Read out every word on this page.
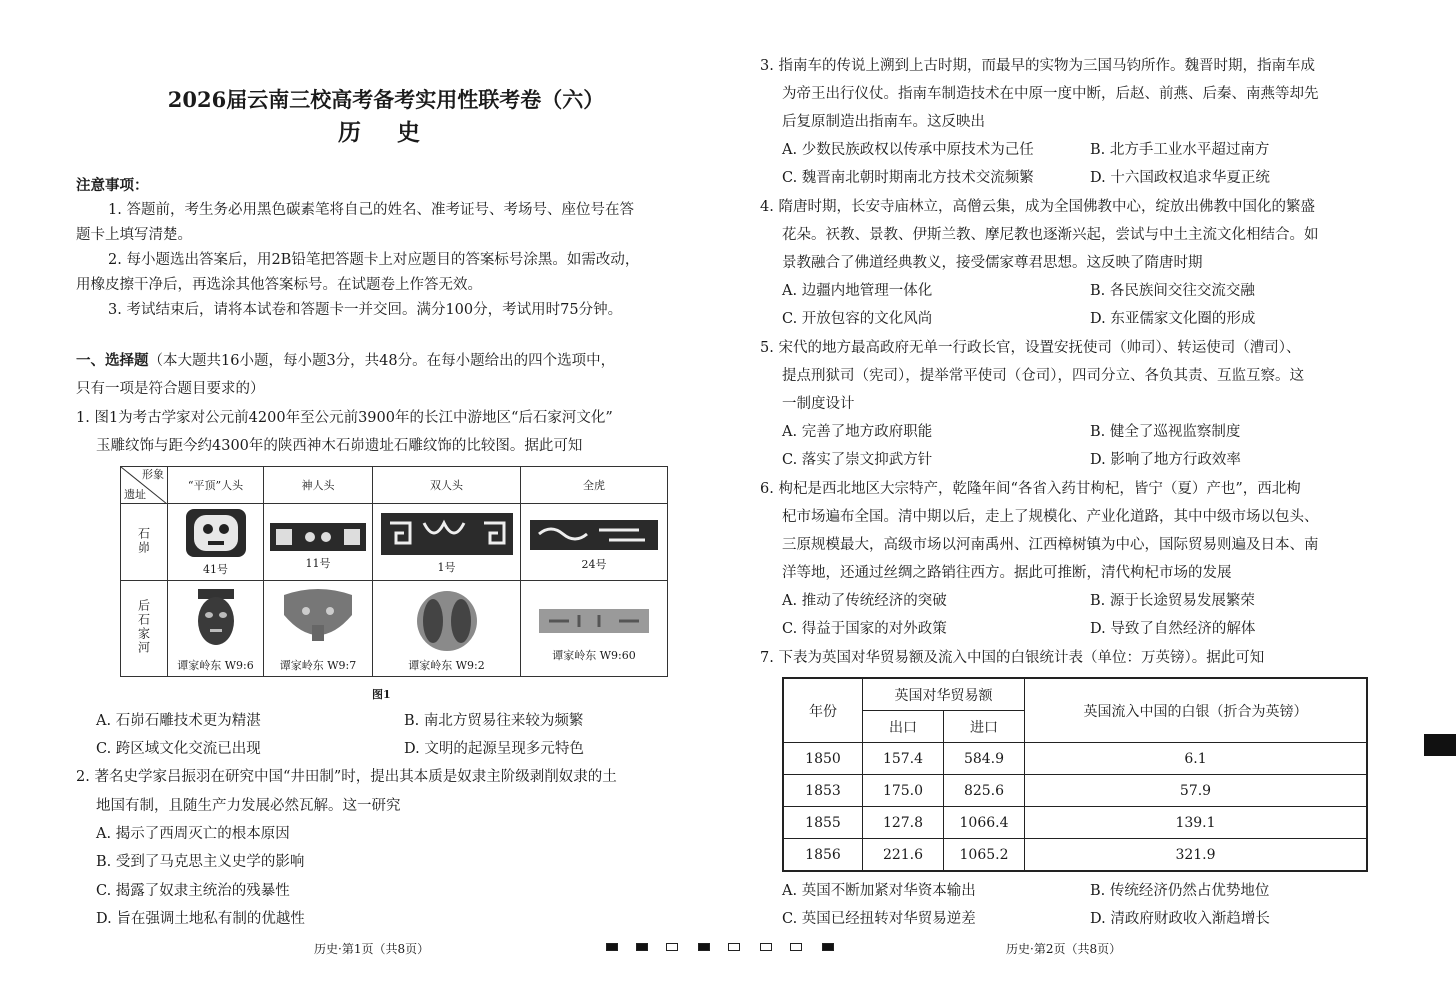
2026届云南三校高考备考实用性联考卷（六）
历 史
注意事项：
1. 答题前，考生务必用黑色碳素笔将自己的姓名、准考证号、考场号、座位号在答
题卡上填写清楚。
2. 每小题选出答案后，用2B铅笔把答题卡上对应题目的答案标号涂黑。如需改动，
用橡皮擦干净后，再选涂其他答案标号。在试题卷上作答无效。
3. 考试结束后，请将本试卷和答题卡一并交回。满分100分，考试用时75分钟。
一、选择题（本大题共16小题，每小题3分，共48分。在每小题给出的四个选项中，
只有一项是符合题目要求的）
1. 图1为考古学家对公元前4200年至公元前3900年的长江中游地区“后石家河文化”
玉雕纹饰与距今约4300年的陕西神木石峁遗址石雕纹饰的比较图。据此可知
形象
遗址	“平顶”人头	神人头	双人头	全虎
石峁	41号	11号	1号	24号

后石家河	谭家岭东 W9:6	谭家岭东 W9:7	谭家岭东 W9:2	谭家岭东 W9:60
图1
A. 石峁石雕技术更为精湛	B. 南北方贸易往来较为频繁
C. 跨区域文化交流已出现	D. 文明的起源呈现多元特色
2. 著名史学家吕振羽在研究中国“井田制”时，提出其本质是奴隶主阶级剥削奴隶的土
地国有制，且随生产力发展必然瓦解。这一研究
A. 揭示了西周灭亡的根本原因
B. 受到了马克思主义史学的影响
C. 揭露了奴隶主统治的残暴性
D. 旨在强调土地私有制的优越性
历史·第1页（共8页）
3. 指南车的传说上溯到上古时期，而最早的实物为三国马钧所作。魏晋时期，指南车成
为帝王出行仪仗。指南车制造技术在中原一度中断，后赵、前燕、后秦、南燕等却先
后复原制造出指南车。这反映出
A. 少数民族政权以传承中原技术为己任	B. 北方手工业水平超过南方
C. 魏晋南北朝时期南北方技术交流频繁	D. 十六国政权追求华夏正统
4. 隋唐时期，长安寺庙林立，高僧云集，成为全国佛教中心，绽放出佛教中国化的繁盛
花朵。祆教、景教、伊斯兰教、摩尼教也逐渐兴起，尝试与中土主流文化相结合。如
景教融合了佛道经典教义，接受儒家尊君思想。这反映了隋唐时期
A. 边疆内地管理一体化	B. 各民族间交往交流交融
C. 开放包容的文化风尚	D. 东亚儒家文化圈的形成
5. 宋代的地方最高政府无单一行政长官，设置安抚使司（帅司）、转运使司（漕司）、
提点刑狱司（宪司），提举常平使司（仓司），四司分立、各负其责、互监互察。这
一制度设计
A. 完善了地方政府职能	B. 健全了巡视监察制度
C. 落实了崇文抑武方针	D. 影响了地方行政效率
6. 枸杞是西北地区大宗特产，乾隆年间“各省入药甘枸杞，皆宁（夏）产也”，西北枸
杞市场遍布全国。清中期以后，走上了规模化、产业化道路，其中中级市场以包头、
三原规模最大，高级市场以河南禹州、江西樟树镇为中心，国际贸易则遍及日本、南
洋等地，还通过丝绸之路销往西方。据此可推断，清代枸杞市场的发展
A. 推动了传统经济的突破	B. 源于长途贸易发展繁荣
C. 得益于国家的对外政策	D. 导致了自然经济的解体
7. 下表为英国对华贸易额及流入中国的白银统计表（单位：万英镑）。据此可知
年份	英国对华贸易额		英国流入中国的白银（折合为英镑）
	出口	进口	
1850	157.4	584.9	6.1
1853	175.0	825.6	57.9
1855	127.8	1066.4	139.1
1856	221.6	1065.2	321.9
A. 英国不断加紧对华资本输出	B. 传统经济仍然占优势地位
C. 英国已经扭转对华贸易逆差	D. 清政府财政收入渐趋增长
历史·第2页（共8页）
